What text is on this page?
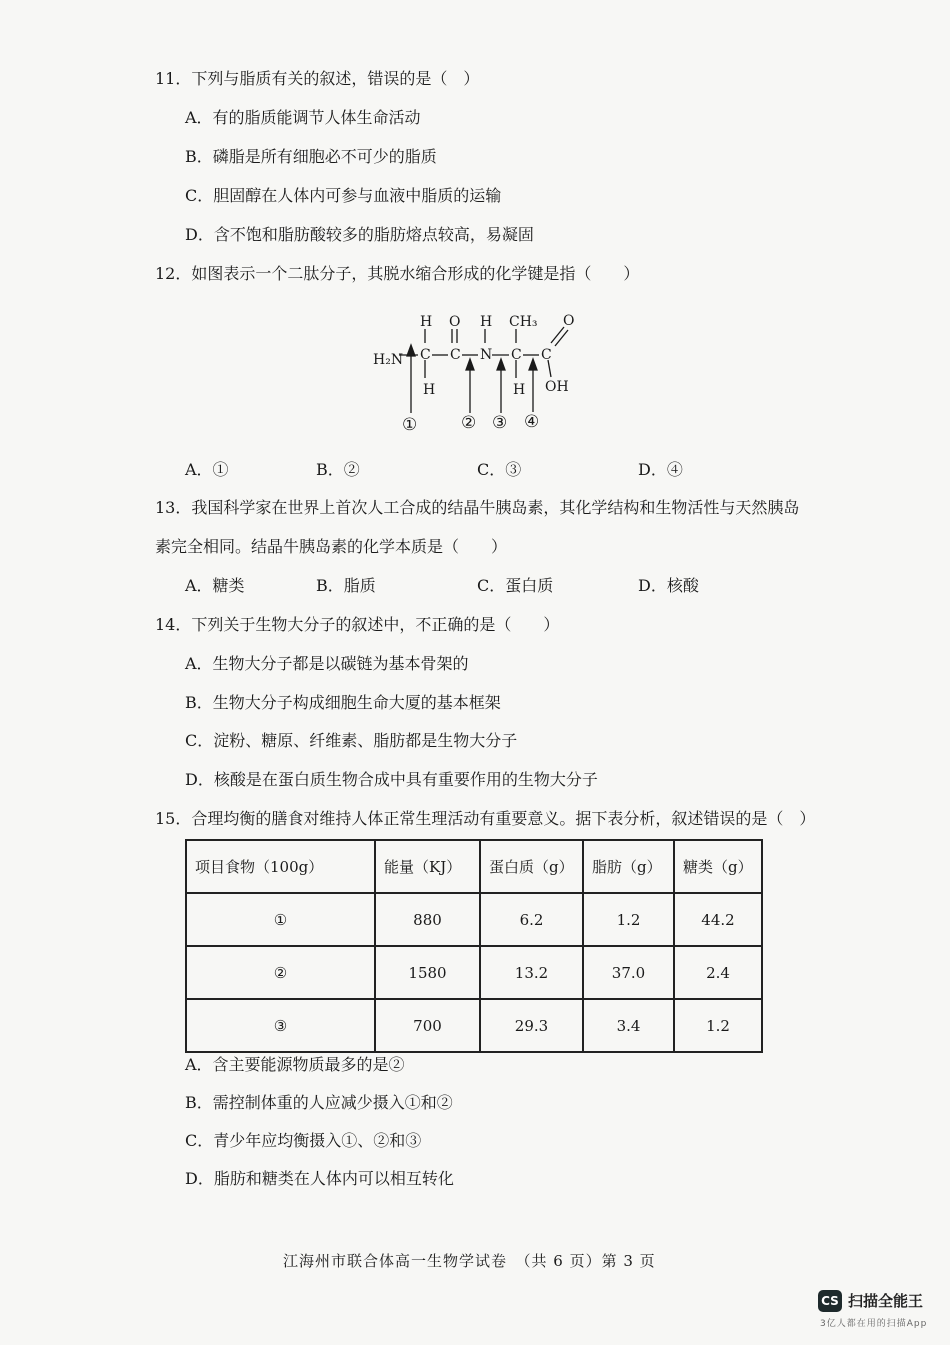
11．下列与脂质有关的叙述，错误的是（　）
A．有的脂质能调节人体生命活动
B．磷脂是所有细胞必不可少的脂质
C．胆固醇在人体内可参与血液中脂质的运输
D．含不饱和脂肪酸较多的脂肪熔点较高，易凝固
12．如图表示一个二肽分子，其脱水缩合形成的化学键是指（　　）
H₂N
H
C
H
O
C
H
N
CH₃
C
H
C
O
OH
①	② ③ ④
A．①	B．②	C．③	D．④
13．我国科学家在世界上首次人工合成的结晶牛胰岛素，其化学结构和生物活性与天然胰岛
素完全相同。结晶牛胰岛素的化学本质是（　　）
A．糖类	B．脂质	C．蛋白质	D．核酸
14．下列关于生物大分子的叙述中，不正确的是（　　）
A．生物大分子都是以碳链为基本骨架的
B．生物大分子构成细胞生命大厦的基本框架
C．淀粉、糖原、纤维素、脂肪都是生物大分子
D．核酸是在蛋白质生物合成中具有重要作用的生物大分子
15．合理均衡的膳食对维持人体正常生理活动有重要意义。据下表分析，叙述错误的是（　）
项目食物（100g）	能量（KJ）	蛋白质（g）	脂肪（g）	糖类（g）
①	880	6.2	1.2	44.2
②	1580	13.2	37.0	2.4
③	700	29.3	3.4	1.2
A．含主要能源物质最多的是②
B．需控制体重的人应减少摄入①和②
C．青少年应均衡摄入①、②和③
D．脂肪和糖类在人体内可以相互转化
江海州市联合体高一生物学试卷　（共 6 页）第 3 页
CS 扫描全能王
3亿人都在用的扫描App
